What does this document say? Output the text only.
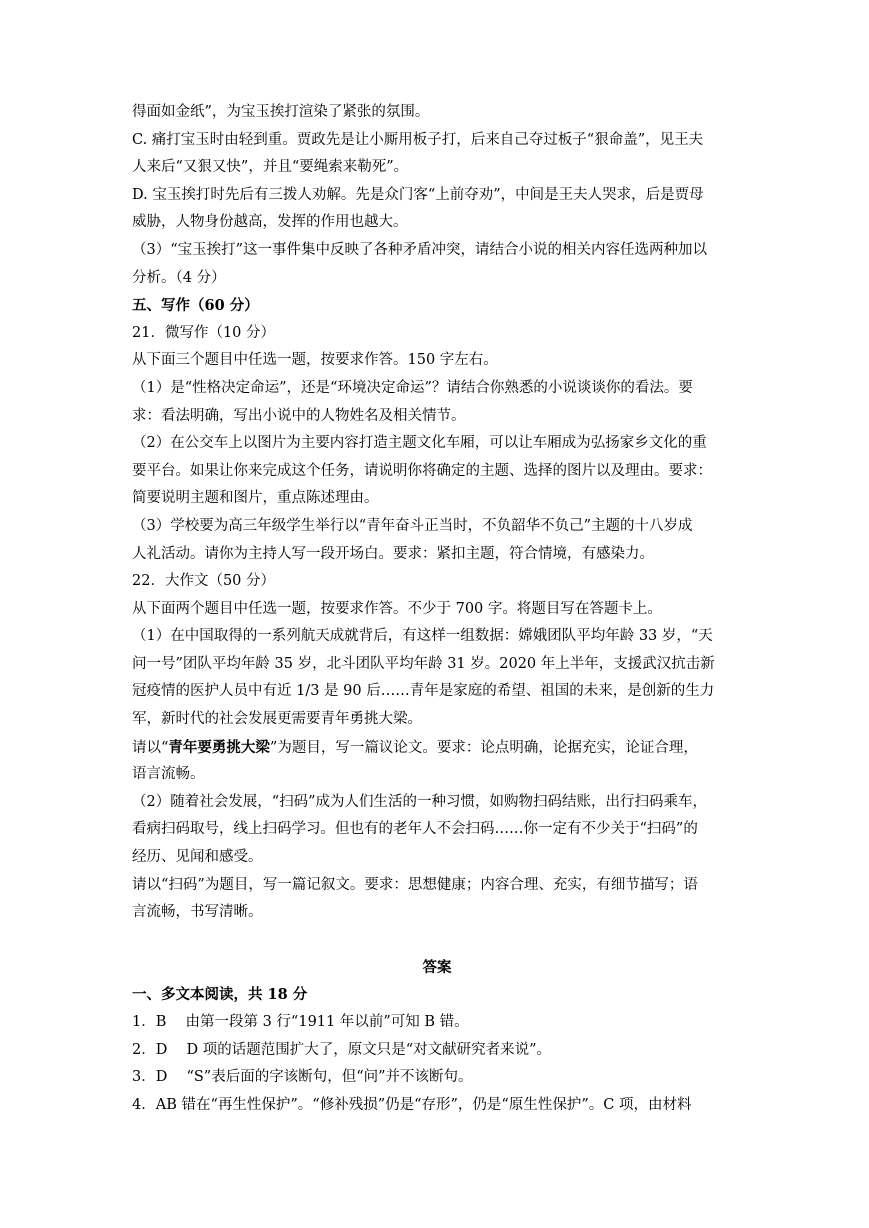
得面如金纸”，为宝玉挨打渲染了紧张的氛围。
C. 痛打宝玉时由轻到重。贾政先是让小厮用板子打，后来自己夺过板子“狠命盖”，见王夫
人来后“又狠又快”，并且“要绳索来勒死”。
D. 宝玉挨打时先后有三拨人劝解。先是众门客“上前夺劝”，中间是王夫人哭求，后是贾母
威胁，人物身份越高，发挥的作用也越大。
（3）“宝玉挨打”这一事件集中反映了各种矛盾冲突，请结合小说的相关内容任选两种加以
分析。（4 分）
五、写作（60 分）
21．微写作（10 分）
从下面三个题目中任选一题，按要求作答。150 字左右。
（1）是“性格决定命运”，还是“环境决定命运”？请结合你熟悉的小说谈谈你的看法。要
求：看法明确，写出小说中的人物姓名及相关情节。
（2）在公交车上以图片为主要内容打造主题文化车厢，可以让车厢成为弘扬家乡文化的重
要平台。如果让你来完成这个任务，请说明你将确定的主题、选择的图片以及理由。要求：
简要说明主题和图片，重点陈述理由。
（3）学校要为高三年级学生举行以“青年奋斗正当时，不负韶华不负己”主题的十八岁成
人礼活动。请你为主持人写一段开场白。要求：紧扣主题，符合情境，有感染力。
22．大作文（50 分）
从下面两个题目中任选一题，按要求作答。不少于 700 字。将题目写在答题卡上。
（1）在中国取得的一系列航天成就背后，有这样一组数据：嫦娥团队平均年龄 33 岁，“天
问一号”团队平均年龄 35 岁，北斗团队平均年龄 31 岁。2020 年上半年，支援武汉抗击新
冠疫情的医护人员中有近 1/3 是 90 后……青年是家庭的希望、祖国的未来，是创新的生力
军，新时代的社会发展更需要青年勇挑大梁。
请以“青年要勇挑大梁”为题目，写一篇议论文。要求：论点明确，论据充实，论证合理，
语言流畅。
（2）随着社会发展，“扫码”成为人们生活的一种习惯，如购物扫码结账，出行扫码乘车，
看病扫码取号，线上扫码学习。但也有的老年人不会扫码……你一定有不少关于“扫码”的
经历、见闻和感受。
请以“扫码”为题目，写一篇记叙文。要求：思想健康；内容合理、充实，有细节描写；语
言流畅，书写清晰。
答案
一、多文本阅读，共 18 分
1．B　 由第一段第 3 行“1911 年以前”可知 B 错。
2．D　 D 项的话题范围扩大了，原文只是“对文献研究者来说”。
3．D　 “S”表后面的字该断句，但“问”并不该断句。
4．AB 错在“再生性保护”。“修补残损”仍是“存形”，仍是“原生性保护”。C 项，由材料
